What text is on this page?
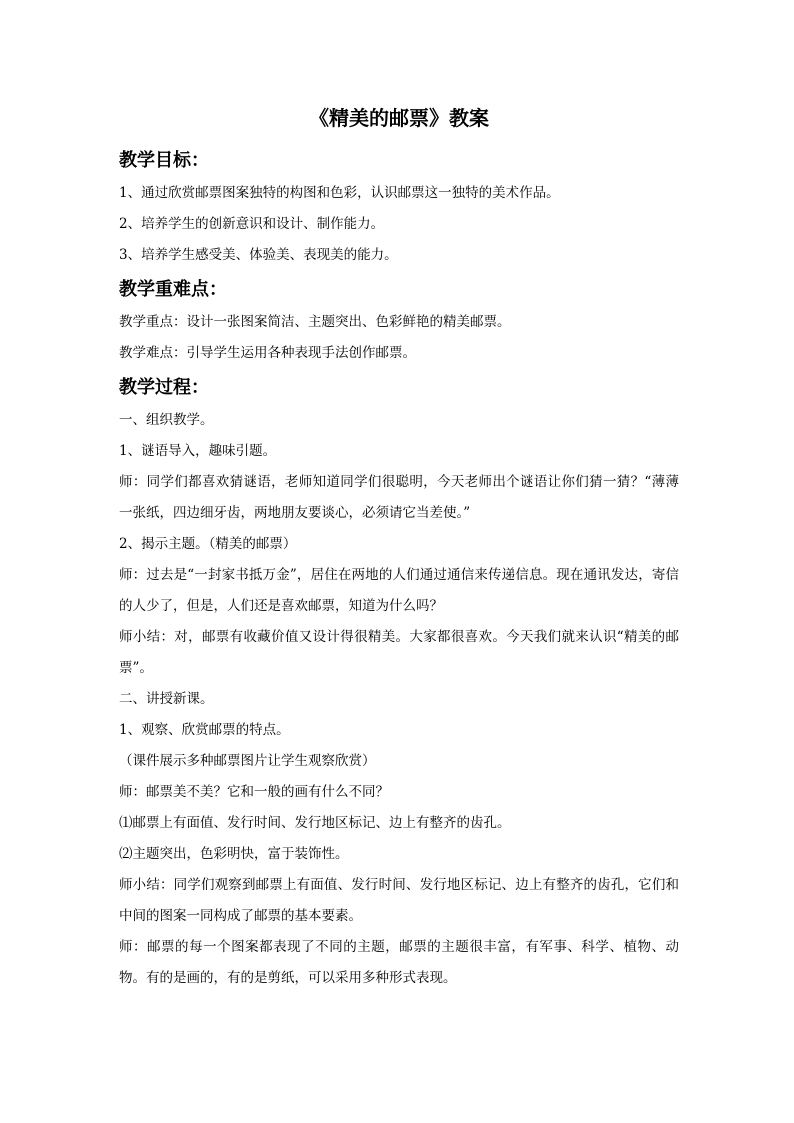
《精美的邮票》教案
教学目标：

1、通过欣赏邮票图案独特的构图和色彩，认识邮票这一独特的美术作品。

2、培养学生的创新意识和设计、制作能力。

3、培养学生感受美、体验美、表现美的能力。

教学重难点：

教学重点：设计一张图案简洁、主题突出、色彩鲜艳的精美邮票。

教学难点：引导学生运用各种表现手法创作邮票。

教学过程：

一、组织教学。

1、谜语导入，趣味引题。

师：同学们都喜欢猜谜语，老师知道同学们很聪明，今天老师出个谜语让你们猜一猜？“薄薄一张纸，四边细牙齿，两地朋友要谈心，必须请它当差使。”

2、揭示主题。（精美的邮票）

师：过去是“一封家书抵万金”，居住在两地的人们通过通信来传递信息。现在通讯发达，寄信的人少了，但是，人们还是喜欢邮票，知道为什么吗？

师小结：对，邮票有收藏价值又设计得很精美。大家都很喜欢。今天我们就来认识“精美的邮票”。

二、讲授新课。

1、观察、欣赏邮票的特点。

（课件展示多种邮票图片让学生观察欣赏）

师：邮票美不美？它和一般的画有什么不同？

⑴邮票上有面值、发行时间、发行地区标记、边上有整齐的齿孔。

⑵主题突出，色彩明快，富于装饰性。

师小结：同学们观察到邮票上有面值、发行时间、发行地区标记、边上有整齐的齿孔，它们和中间的图案一同构成了邮票的基本要素。

师：邮票的每一个图案都表现了不同的主题，邮票的主题很丰富，有军事、科学、植物、动物。有的是画的，有的是剪纸，可以采用多种形式表现。
